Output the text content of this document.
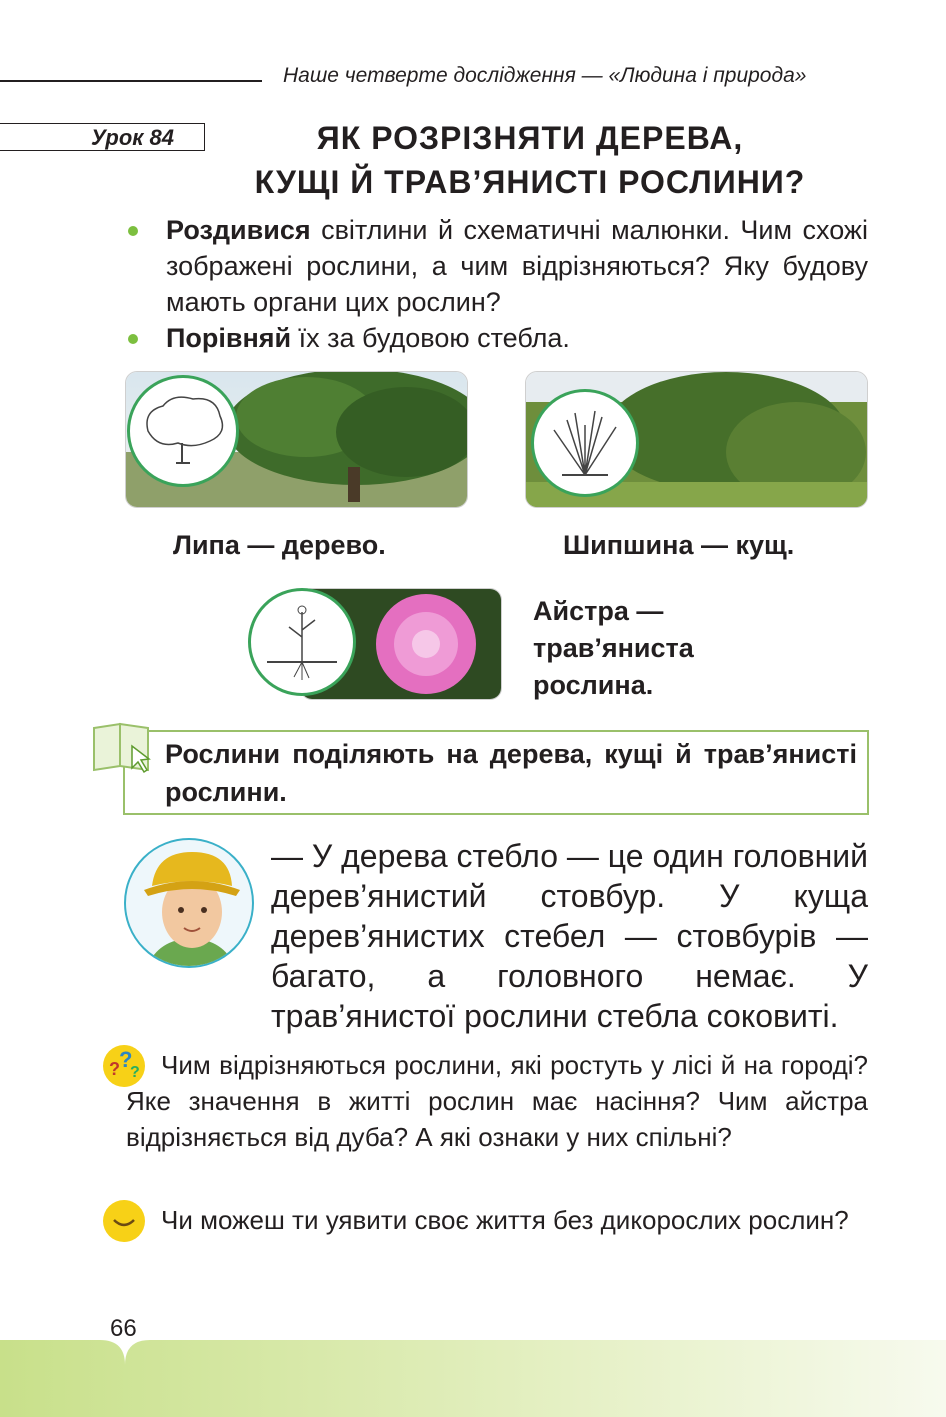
Наше четверте дослідження — «Людина і природа»
Урок 84	ЯК РОЗРІЗНЯТИ ДЕРЕВА,
КУЩІ Й ТРАВ’ЯНИСТІ РОСЛИНИ?

Роздивися світлини й схематичні малюнки. Чим схожі зображені рослини, а чим відрізняються? Яку будову мають органи цих рослин?

Порівняй їх за будовою стебла.

Липа — дерево.	Шипшина — кущ.
Айстра —
трав’яниста
рослина.
Рослини поділяють на дерева, кущі й трав’янисті рослини.
— У дерева стебло — це один головний дерев’янистий стовбур. У куща дерев’янистих стебел — стовбурів — багато, а головного немає. У трав’янистої рослини стебла соковиті.
? ?
? Чим відрізняються рослини, які ростуть у лісі й на городі? Яке значення в житті рослин має насіння? Чим айстра відрізняється від дуба? А які ознаки у них спільні?
Чи можеш ти уявити своє життя без дикорослих рослин?
66
